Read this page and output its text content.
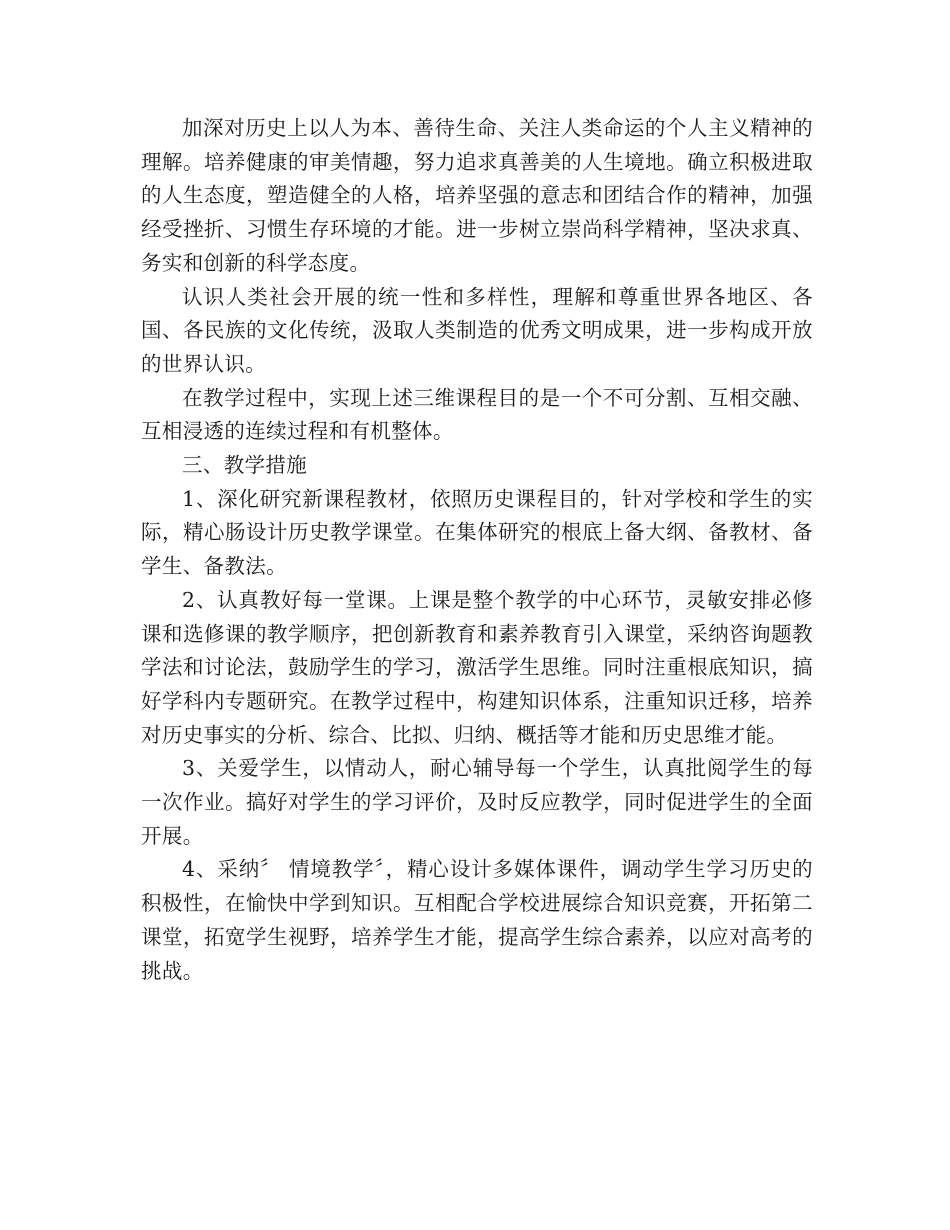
加深对历史上以人为本、善待生命、关注人类命运的个人主义精神的理解。培养健康的审美情趣，努力追求真善美的人生境地。确立积极进取的人生态度，塑造健全的人格，培养坚强的意志和团结合作的精神，加强经受挫折、习惯生存环境的才能。进一步树立崇尚科学精神，坚决求真、务实和创新的科学态度。

认识人类社会开展的统一性和多样性，理解和尊重世界各地区、各国、各民族的文化传统，汲取人类制造的优秀文明成果，进一步构成开放的世界认识。

在教学过程中，实现上述三维课程目的是一个不可分割、互相交融、互相浸透的连续过程和有机整体。

三、教学措施

1、深化研究新课程教材，依照历史课程目的，针对学校和学生的实际，精心肠设计历史教学课堂。在集体研究的根底上备大纲、备教材、备学生、备教法。

2、认真教好每一堂课。上课是整个教学的中心环节，灵敏安排必修课和选修课的教学顺序，把创新教育和素养教育引入课堂，采纳咨询题教学法和讨论法，鼓励学生的学习，激活学生思维。同时注重根底知识，搞好学科内专题研究。在教学过程中，构建知识体系，注重知识迁移，培养对历史事实的分析、综合、比拟、归纳、概括等才能和历史思维才能。

3、关爱学生，以情动人，耐心辅导每一个学生，认真批阅学生的每一次作业。搞好对学生的学习评价，及时反应教学，同时促进学生的全面开展。

4、采纳〞 情境教学〞，精心设计多媒体课件，调动学生学习历史的积极性，在愉快中学到知识。互相配合学校进展综合知识竞赛，开拓第二课堂，拓宽学生视野，培养学生才能，提高学生综合素养，以应对高考的挑战。
